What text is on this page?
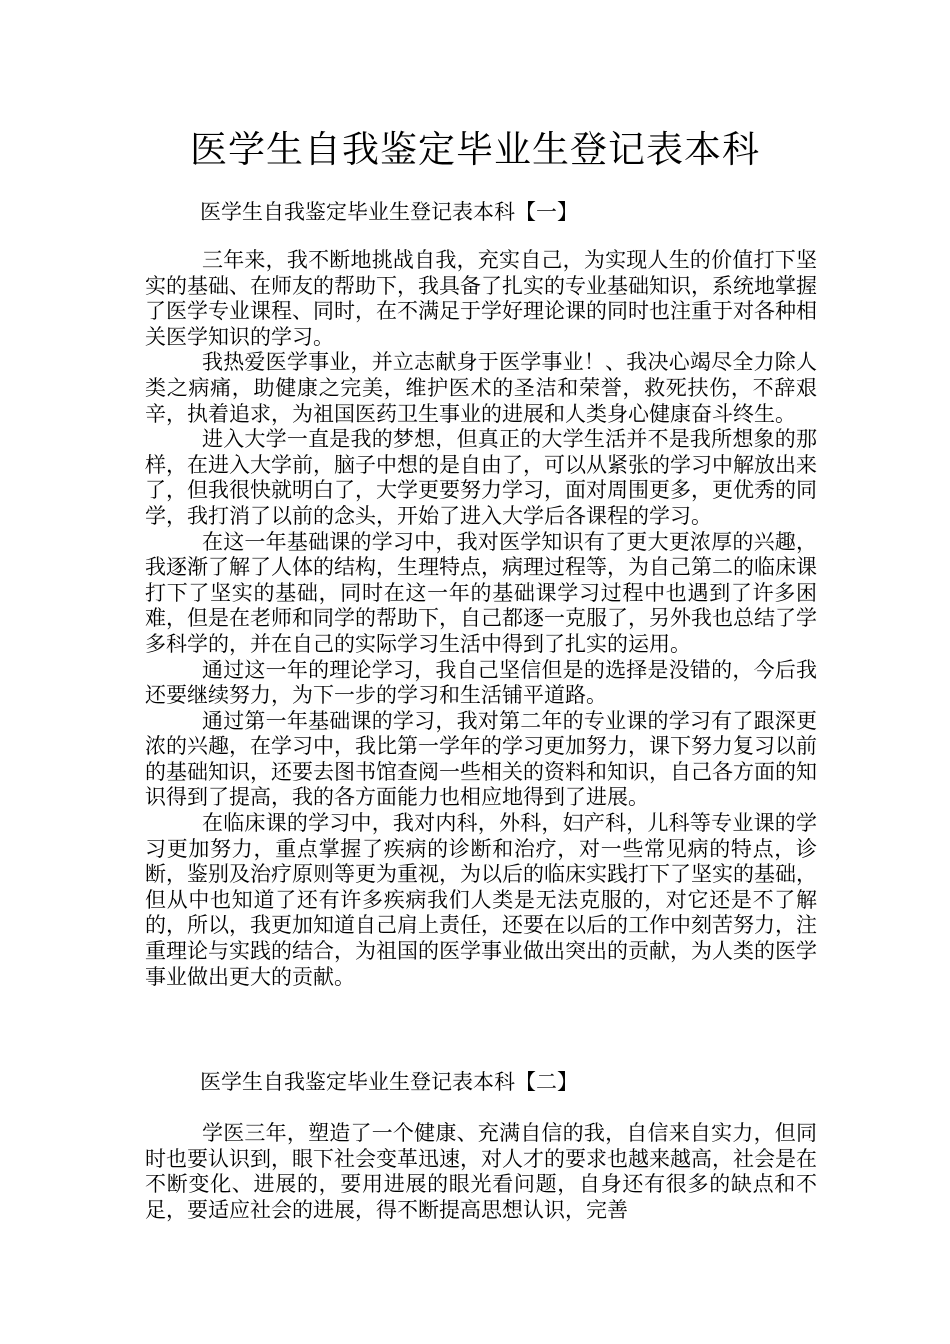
医学生自我鉴定毕业生登记表本科
医学生自我鉴定毕业生登记表本科【一】

三年来，我不断地挑战自我，充实自己，为实现人生的价值打下坚实的基础、在师友的帮助下，我具备了扎实的专业基础知识，系统地掌握了医学专业课程、同时，在不满足于学好理论课的同时也注重于对各种相关医学知识的学习。

我热爱医学事业，并立志献身于医学事业！、我决心竭尽全力除人类之病痛，助健康之完美，维护医术的圣洁和荣誉，救死扶伤，不辞艰辛，执着追求，为祖国医药卫生事业的进展和人类身心健康奋斗终生。

进入大学一直是我的梦想，但真正的大学生活并不是我所想象的那样，在进入大学前，脑子中想的是自由了，可以从紧张的学习中解放出来了，但我很快就明白了，大学更要努力学习，面对周围更多，更优秀的同学，我打消了以前的念头，开始了进入大学后各课程的学习。

在这一年基础课的学习中，我对医学知识有了更大更浓厚的兴趣，我逐渐了解了人体的结构，生理特点，病理过程等，为自己第二的临床课打下了坚实的基础，同时在这一年的基础课学习过程中也遇到了许多困难，但是在老师和同学的帮助下，自己都逐一克服了，另外我也总结了学多科学的，并在自己的实际学习生活中得到了扎实的运用。

通过这一年的理论学习，我自己坚信但是的选择是没错的，今后我还要继续努力，为下一步的学习和生活铺平道路。

通过第一年基础课的学习，我对第二年的专业课的学习有了跟深更浓的兴趣，在学习中，我比第一学年的学习更加努力，课下努力复习以前的基础知识，还要去图书馆查阅一些相关的资料和知识，自己各方面的知识得到了提高，我的各方面能力也相应地得到了进展。

在临床课的学习中，我对内科，外科，妇产科，儿科等专业课的学习更加努力，重点掌握了疾病的诊断和治疗，对一些常见病的特点，诊断，鉴别及治疗原则等更为重视，为以后的临床实践打下了坚实的基础，但从中也知道了还有许多疾病我们人类是无法克服的，对它还是不了解的，所以，我更加知道自己肩上责任，还要在以后的工作中刻苦努力，注重理论与实践的结合，为祖国的医学事业做出突出的贡献，为人类的医学事业做出更大的贡献。

医学生自我鉴定毕业生登记表本科【二】

学医三年，塑造了一个健康、充满自信的我，自信来自实力，但同时也要认识到，眼下社会变革迅速，对人才的要求也越来越高，社会是在不断变化、进展的，要用进展的眼光看问题，自身还有很多的缺点和不足，要适应社会的进展，得不断提高思想认识，完善
